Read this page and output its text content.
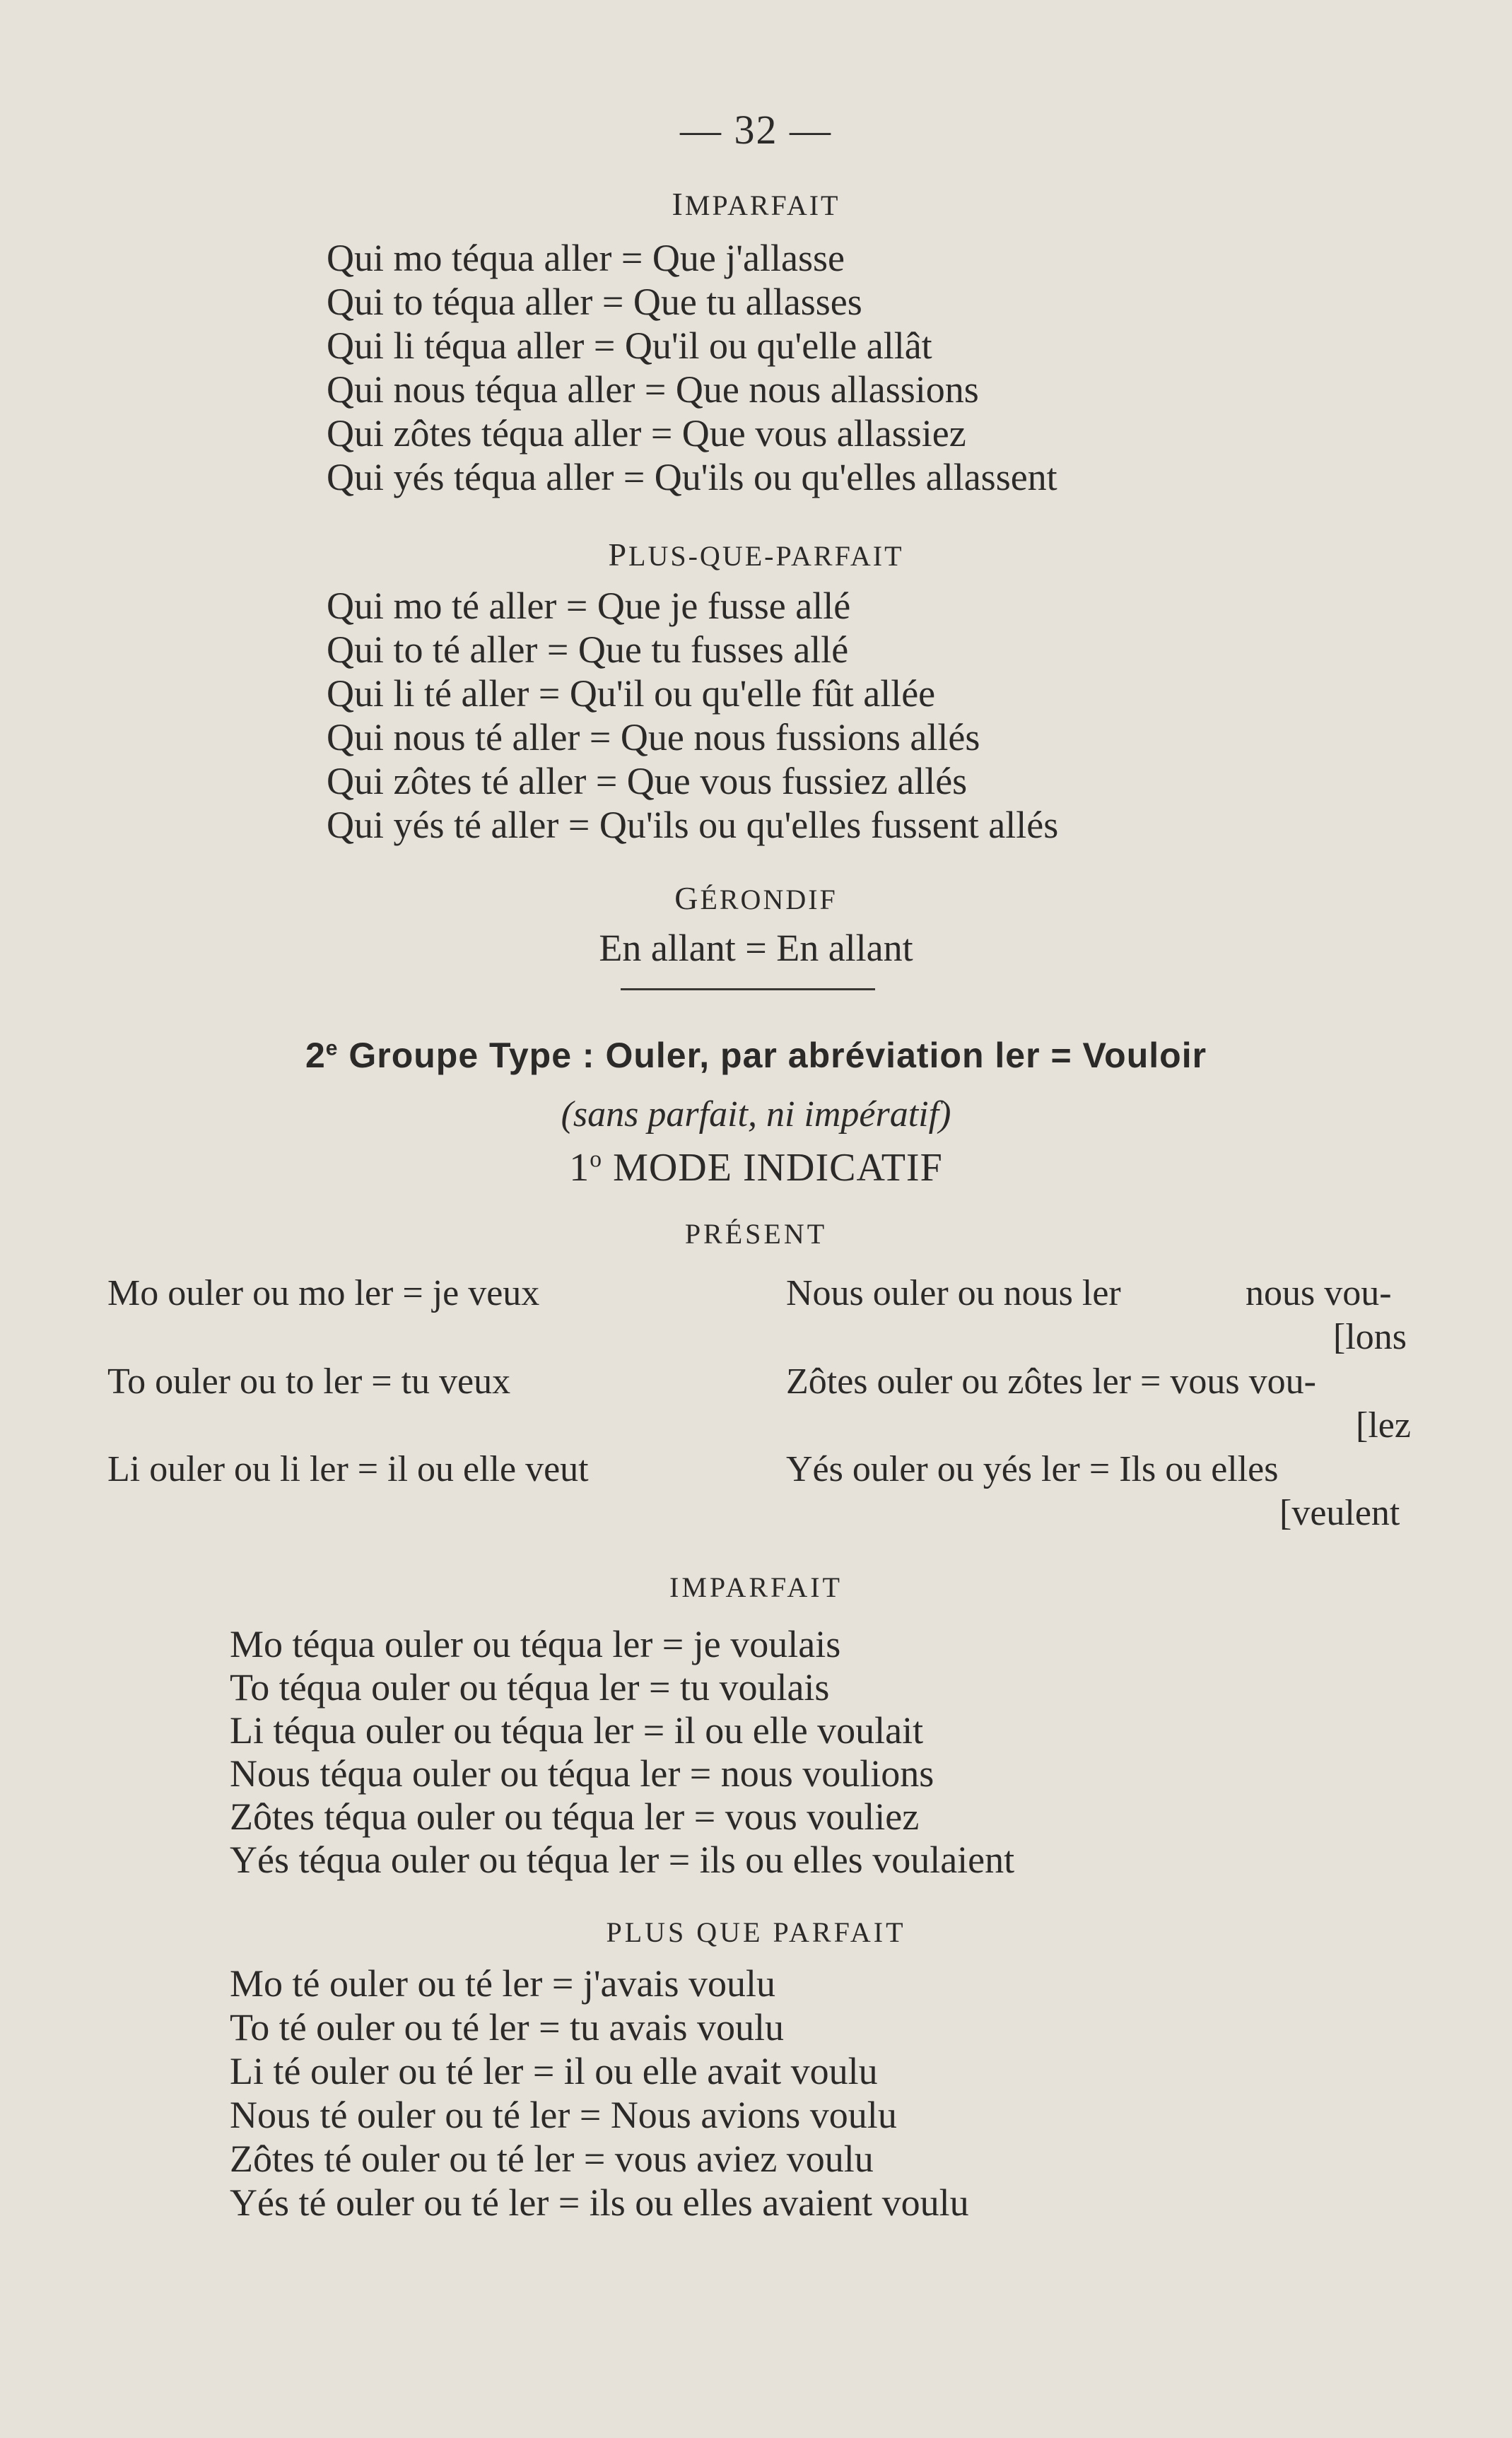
— 32 —
IMPARFAIT
Qui mo téqua aller = Que j'allasse
Qui to téqua aller = Que tu allasses
Qui li téqua aller = Qu'il ou qu'elle allât
Qui nous téqua aller = Que nous allassions
Qui zôtes téqua aller = Que vous allassiez
Qui yés téqua aller = Qu'ils ou qu'elles allassent
PLUS-QUE-PARFAIT
Qui mo té aller = Que je fusse allé
Qui to té aller = Que tu fusses allé
Qui li té aller = Qu'il ou qu'elle fût allée
Qui nous té aller = Que nous fussions allés
Qui zôtes té aller = Que vous fussiez allés
Qui yés té aller = Qu'ils ou qu'elles fussent allés
GÉRONDIF
En allant = En allant
2e Groupe Type : Ouler, par abréviation ler = Vouloir
(sans parfait, ni impératif)
1$^o$ MODE INDICATIF
PRÉSENT
Mo ouler ou mo ler = je veux
To ouler ou to ler = tu veux
Li ouler ou li ler = il ou elle veut
Nous ouler ou nous ler	nous vou-
[lons
Zôtes ouler ou zôtes ler = vous vou-
[lez
Yés ouler ou yés ler = Ils ou elles
[veulent
IMPARFAIT
Mo téqua ouler ou téqua ler = je voulais
To téqua ouler ou téqua ler = tu voulais
Li téqua ouler ou téqua ler = il ou elle voulait
Nous téqua ouler ou téqua ler = nous voulions
Zôtes téqua ouler ou téqua ler = vous vouliez
Yés téqua ouler ou téqua ler = ils ou elles voulaient
PLUS QUE PARFAIT
Mo té ouler ou té ler = j'avais voulu
To té ouler ou té ler = tu avais voulu
Li té ouler ou té ler = il ou elle avait voulu
Nous té ouler ou té ler = Nous avions voulu
Zôtes té ouler ou té ler = vous aviez voulu
Yés té ouler ou té ler = ils ou elles avaient voulu
